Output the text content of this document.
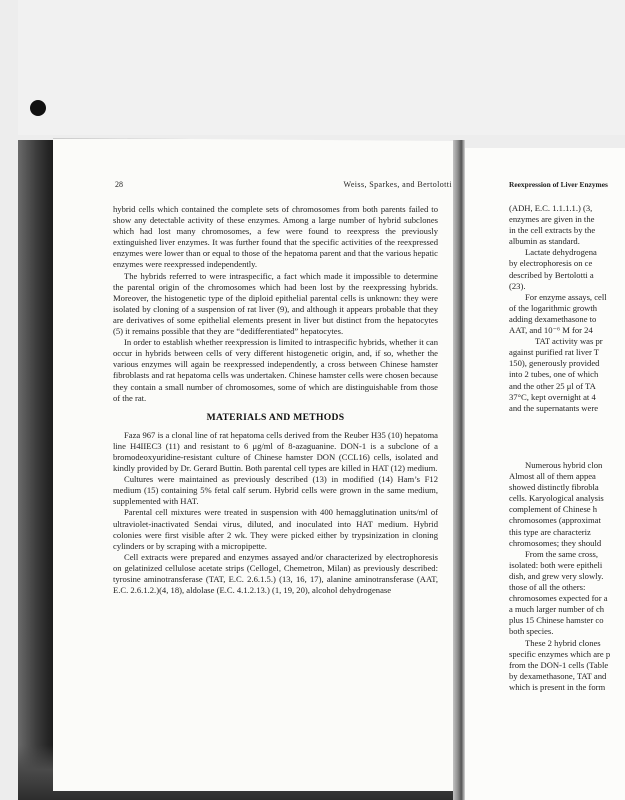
28	Weiss, Sparkes, and Bertolotti

hybrid cells which contained the complete sets of chromosomes from both parents failed to show any detectable activity of these enzymes. Among a large number of hybrid subclones which had lost many chromosomes, a few were found to reexpress the previously extinguished liver enzymes. It was further found that the specific activities of the reexpressed enzymes were lower than or equal to those of the hepatoma parent and that the various hepatic enzymes were reexpressed independently.

The hybrids referred to were intraspecific, a fact which made it impossible to determine the parental origin of the chromosomes which had been lost by the reexpressing hybrids. Moreover, the histogenetic type of the diploid epithelial parental cells is unknown: they were isolated by cloning of a suspension of rat liver (9), and although it appears probable that they are derivatives of some epithelial elements present in liver but distinct from the hepatocytes (5) it remains possible that they are “dedifferentiated” hepatocytes.

In order to establish whether reexpression is limited to intraspecific hybrids, whether it can occur in hybrids between cells of very different histogenetic origin, and, if so, whether the various enzymes will again be reexpressed independently, a cross between Chinese hamster fibroblasts and rat hepatoma cells was undertaken. Chinese hamster cells were chosen because they contain a small number of chromosomes, some of which are distinguishable from those of the rat.

MATERIALS AND METHODS

Faza 967 is a clonal line of rat hepatoma cells derived from the Reuber H35 (10) hepatoma line H4IIEC3 (11) and resistant to 6 μg/ml of 8-azaguanine. DON-1 is a subclone of a bromodeoxyuridine-resistant culture of Chinese hamster DON (CCL16) cells, isolated and kindly provided by Dr. Gerard Buttin. Both parental cell types are killed in HAT (12) medium.

Cultures were maintained as previously described (13) in modified (14) Ham’s F12 medium (15) containing 5% fetal calf serum. Hybrid cells were grown in the same medium, supplemented with HAT.

Parental cell mixtures were treated in suspension with 400 hemagglutination units/ml of ultraviolet-inactivated Sendai virus, diluted, and inoculated into HAT medium. Hybrid colonies were first visible after 2 wk. They were picked either by trypsinization in cloning cylinders or by scraping with a micropipette.

Cell extracts were prepared and enzymes assayed and/or characterized by electrophoresis on gelatinized cellulose acetate strips (Cellogel, Chemetron, Milan) as previously described: tyrosine aminotransferase (TAT, E.C. 2.6.1.5.) (13, 16, 17), alanine aminotransferase (AAT, E.C. 2.6.1.2.)(4, 18), aldolase (E.C. 4.1.2.13.) (1, 19, 20), alcohol dehydrogenase

Reexpression of Liver Enzymes
(ADH, E.C. 1.1.1.1.) (3,
enzymes are given in the
in the cell extracts by the
albumin as standard.
Lactate dehydrogena
by electrophoresis on ce
described by Bertolotti a
(23).
For enzyme assays, cell
of the logarithmic growth
adding dexamethasone to
AAT, and 10⁻⁶ M for 24
TAT activity was pr
against purified rat liver T
150), generously provided
into 2 tubes, one of which
and the other 25 μl of TA
37°C, kept overnight at 4
and the supernatants were
Numerous hybrid clon
Almost all of them appea
showed distinctly fibrobla
cells. Karyological analysis
complement of Chinese h
chromosomes (approximat
this type are characteriz
chromosomes; they should
From the same cross,
isolated: both were epitheli
dish, and grew very slowly.
those of all the others:
chromosomes expected for a
a much larger number of ch
plus 15 Chinese hamster co
both species.
These 2 hybrid clones
specific enzymes which are p
from the DON-1 cells (Table
by dexamethasone, TAT and
which is present in the form
